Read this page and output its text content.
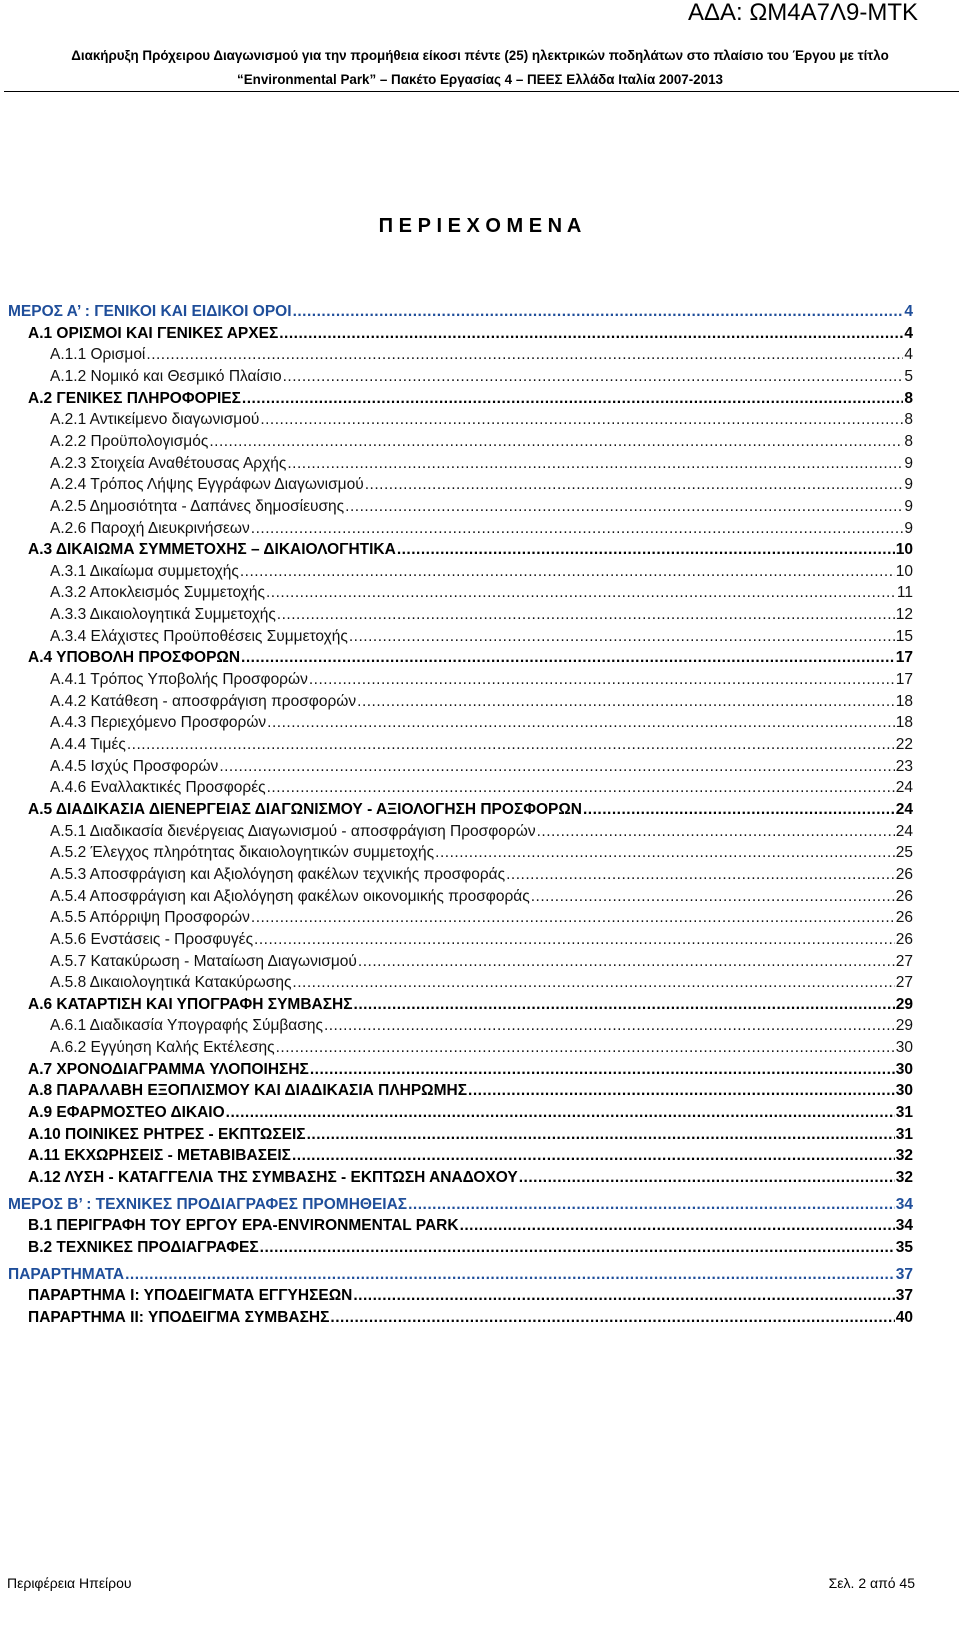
ΑΔΑ: ΩΜ4Α7Λ9-ΜΤΚ
Διακήρυξη Πρόχειρου Διαγωνισμού για την προμήθεια είκοσι πέντε (25) ηλεκτρικών ποδηλάτων στο πλαίσιο του Έργου με τίτλο
“Environmental Park” – Πακέτο Εργασίας 4 – ΠΕΕΣ Ελλάδα Ιταλία 2007-2013
Π Ε Ρ Ι Ε Χ Ο Μ Ε Ν Α
ΜΕΡΟΣ Α’ : ΓΕΝΙΚΟΙ ΚΑΙ ΕΙΔΙΚΟΙ ΟΡΟΙ .....	4
Α.1 ΟΡΙΣΜΟΙ ΚΑΙ ΓΕΝΙΚΕΣ ΑΡΧΕΣ .....	4
Α.1.1 Ορισμοί .....	4
Α.1.2 Νομικό και Θεσμικό Πλαίσιο .....	5
Α.2 ΓΕΝΙΚΕΣ ΠΛΗΡΟΦΟΡΙΕΣ .....	8
Α.2.1 Αντικείμενο διαγωνισμού .....	8
Α.2.2 Προϋπολογισμός .....	8
Α.2.3 Στοιχεία Αναθέτουσας Αρχής .....	9
Α.2.4 Τρόπος Λήψης Εγγράφων Διαγωνισμού .....	9
Α.2.5 Δημοσιότητα - Δαπάνες δημοσίευσης .....	9
Α.2.6 Παροχή Διευκρινήσεων .....	9
Α.3 ΔΙΚΑΙΩΜΑ ΣΥΜΜΕΤΟΧΗΣ – ΔΙΚΑΙΟΛΟΓΗΤΙΚΑ .....	10
Α.3.1 Δικαίωμα συμμετοχής .....	10
Α.3.2 Αποκλεισμός Συμμετοχής .....	11
Α.3.3 Δικαιολογητικά Συμμετοχής .....	12
Α.3.4 Ελάχιστες Προϋποθέσεις Συμμετοχής .....	15
Α.4 ΥΠΟΒΟΛΗ ΠΡΟΣΦΟΡΩΝ .....	17
Α.4.1 Τρόπος Υποβολής Προσφορών .....	17
Α.4.2 Κατάθεση - αποσφράγιση προσφορών .....	18
Α.4.3 Περιεχόμενο Προσφορών .....	18
Α.4.4 Τιμές .....	22
Α.4.5 Ισχύς Προσφορών .....	23
Α.4.6 Εναλλακτικές Προσφορές .....	24
Α.5 ΔΙΑΔΙΚΑΣΙΑ ΔΙΕΝΕΡΓΕΙΑΣ ΔΙΑΓΩΝΙΣΜΟΥ - ΑΞΙΟΛΟΓΗΣΗ ΠΡΟΣΦΟΡΩΝ .....	24
Α.5.1 Διαδικασία διενέργειας Διαγωνισμού - αποσφράγιση Προσφορών .....	24
Α.5.2 Έλεγχος πληρότητας δικαιολογητικών συμμετοχής .....	25
Α.5.3 Αποσφράγιση και Αξιολόγηση φακέλων τεχνικής προσφοράς .....	26
Α.5.4 Αποσφράγιση και Αξιολόγηση φακέλων οικονομικής προσφοράς .....	26
Α.5.5 Απόρριψη Προσφορών .....	26
Α.5.6 Ενστάσεις - Προσφυγές .....	26
Α.5.7 Κατακύρωση - Ματαίωση Διαγωνισμού .....	27
Α.5.8 Δικαιολογητικά Κατακύρωσης .....	27
Α.6 ΚΑΤΑΡΤΙΣΗ ΚΑΙ ΥΠΟΓΡΑΦΗ ΣΥΜΒΑΣΗΣ .....	29
Α.6.1 Διαδικασία Υπογραφής Σύμβασης .....	29
Α.6.2 Εγγύηση Καλής Εκτέλεσης .....	30
Α.7 ΧΡΟΝΟΔΙΑΓΡΑΜΜΑ ΥΛΟΠΟΙΗΣΗΣ .....	30
Α.8 ΠΑΡΑΛΑΒΗ ΕΞΟΠΛΙΣΜΟΥ ΚΑΙ ΔΙΑΔΙΚΑΣΙΑ ΠΛΗΡΩΜΗΣ .....	30
Α.9 ΕΦΑΡΜΟΣΤΕΟ ΔΙΚΑΙΟ .....	31
Α.10 ΠΟΙΝΙΚΕΣ ΡΗΤΡΕΣ - ΕΚΠΤΩΣΕΙΣ .....	31
Α.11 ΕΚΧΩΡΗΣΕΙΣ - ΜΕΤΑΒΙΒΑΣΕΙΣ .....	32
Α.12 ΛΥΣΗ - ΚΑΤΑΓΓΕΛΙΑ ΤΗΣ ΣΥΜΒΑΣΗΣ - ΕΚΠΤΩΣΗ ΑΝΑΔΟΧΟΥ .....	32
ΜΕΡΟΣ Β’ : ΤΕΧΝΙΚΕΣ ΠΡΟΔΙΑΓΡΑΦΕΣ ΠΡΟΜΗΘΕΙΑΣ .....	34
Β.1 ΠΕΡΙΓΡΑΦΗ ΤΟΥ ΕΡΓΟΥ EPA-ENVIRONMENTAL PARK .....	34
Β.2 ΤΕΧΝΙΚΕΣ ΠΡΟΔΙΑΓΡΑΦΕΣ .....	35
ΠΑΡΑΡΤΗΜΑΤΑ .....	37
ΠΑΡΑΡΤΗΜΑ Ι: ΥΠΟΔΕΙΓΜΑΤΑ ΕΓΓΥΗΣΕΩΝ .....	37
ΠΑΡΑΡΤΗΜΑ ΙΙ: ΥΠΟΔΕΙΓΜΑ ΣΥΜΒΑΣΗΣ .....	40
Περιφέρεια Ηπείρου	Σελ. 2 από 45
